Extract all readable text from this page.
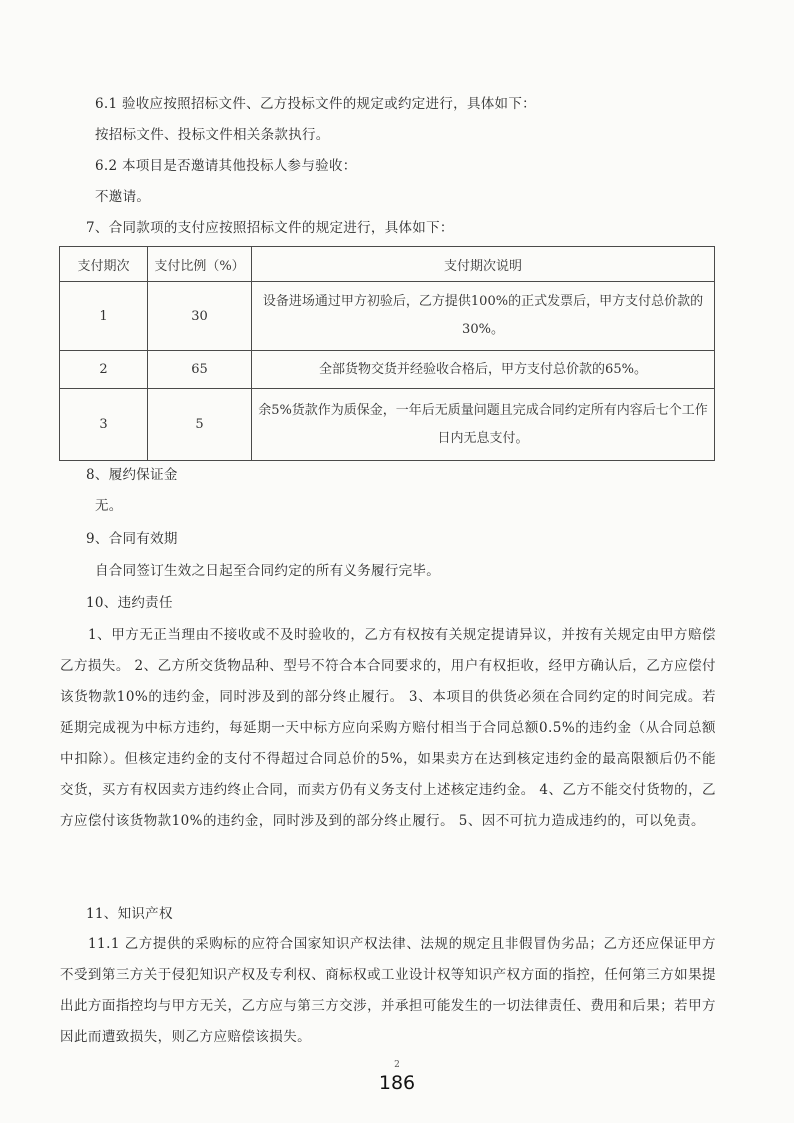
6.1 验收应按照招标文件、乙方投标文件的规定或约定进行，具体如下：
按招标文件、投标文件相关条款执行。
6.2 本项目是否邀请其他投标人参与验收：
不邀请。
7、合同款项的支付应按照招标文件的规定进行，具体如下：
支付期次	支付比例（%）	支付期次说明
1	30	设备进场通过甲方初验后，乙方提供100%的正式发票后，甲方支付总价款的30%。
2	65	全部货物交货并经验收合格后，甲方支付总价款的65%。
3	5	余5%货款作为质保金，一年后无质量问题且完成合同约定所有内容后七个工作日内无息支付。
8、履约保证金
无。
9、合同有效期
自合同签订生效之日起至合同约定的所有义务履行完毕。
10、违约责任
1、甲方无正当理由不接收或不及时验收的，乙方有权按有关规定提请异议，并按有关规定由甲方赔偿乙方损失。 2、乙方所交货物品种、型号不符合本合同要求的，用户有权拒收，经甲方确认后，乙方应偿付该货物款10%的违约金，同时涉及到的部分终止履行。 3、本项目的供货必须在合同约定的时间完成。若延期完成视为中标方违约，每延期一天中标方应向采购方赔付相当于合同总额0.5%的违约金（从合同总额中扣除）。但核定违约金的支付不得超过合同总价的5%，如果卖方在达到核定违约金的最高限额后仍不能交货，买方有权因卖方违约终止合同，而卖方仍有义务支付上述核定违约金。 4、乙方不能交付货物的，乙方应偿付该货物款10%的违约金，同时涉及到的部分终止履行。 5、因不可抗力造成违约的，可以免责。
11、知识产权
11.1 乙方提供的采购标的应符合国家知识产权法律、法规的规定且非假冒伪劣品；乙方还应保证甲方不受到第三方关于侵犯知识产权及专利权、商标权或工业设计权等知识产权方面的指控，任何第三方如果提出此方面指控均与甲方无关，乙方应与第三方交涉，并承担可能发生的一切法律责任、费用和后果；若甲方因此而遭致损失，则乙方应赔偿该损失。
2
186
